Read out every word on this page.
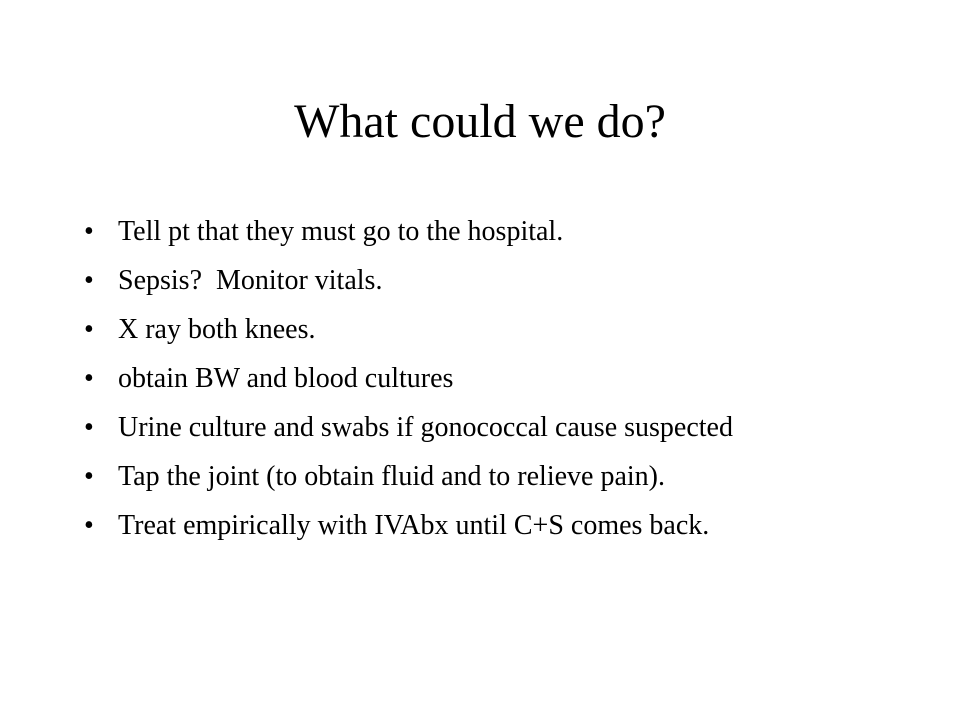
What could we do?
• Tell pt that they must go to the hospital.
• Sepsis?  Monitor vitals.
• X ray both knees.
• obtain BW and blood cultures
• Urine culture and swabs if gonococcal cause suspected
• Tap the joint (to obtain fluid and to relieve pain).
• Treat empirically with IVAbx until C+S comes back.
